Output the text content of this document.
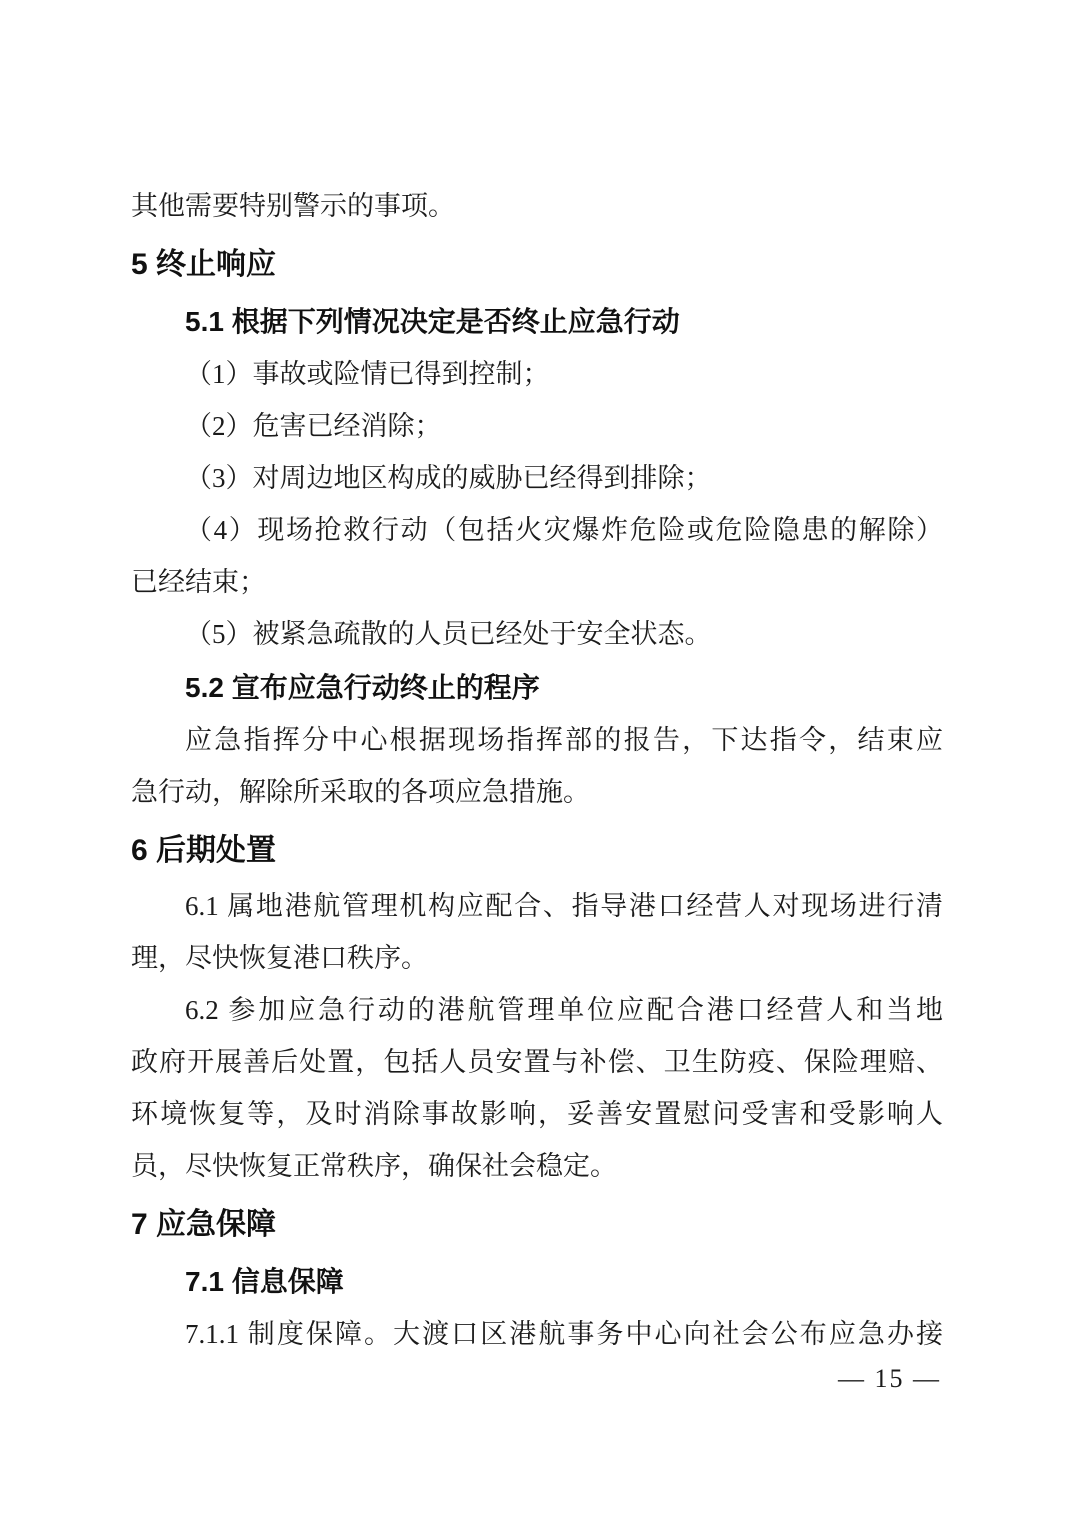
其他需要特别警示的事项。
5 终止响应
5.1 根据下列情况决定是否终止应急行动
（1）事故或险情已得到控制；
（2）危害已经消除；
（3）对周边地区构成的威胁已经得到排除；
（4）现场抢救行动（包括火灾爆炸危险或危险隐患的解除）
已经结束；
（5）被紧急疏散的人员已经处于安全状态。
5.2 宣布应急行动终止的程序
应急指挥分中心根据现场指挥部的报告，下达指令，结束应
急行动，解除所采取的各项应急措施。
6 后期处置
6.1 属地港航管理机构应配合、指导港口经营人对现场进行清
理，尽快恢复港口秩序。
6.2 参加应急行动的港航管理单位应配合港口经营人和当地
政府开展善后处置，包括人员安置与补偿、卫生防疫、保险理赔、
环境恢复等，及时消除事故影响，妥善安置慰问受害和受影响人
员，尽快恢复正常秩序，确保社会稳定。
7 应急保障
7.1 信息保障
7.1.1 制度保障。大渡口区港航事务中心向社会公布应急办接
— 15 —
